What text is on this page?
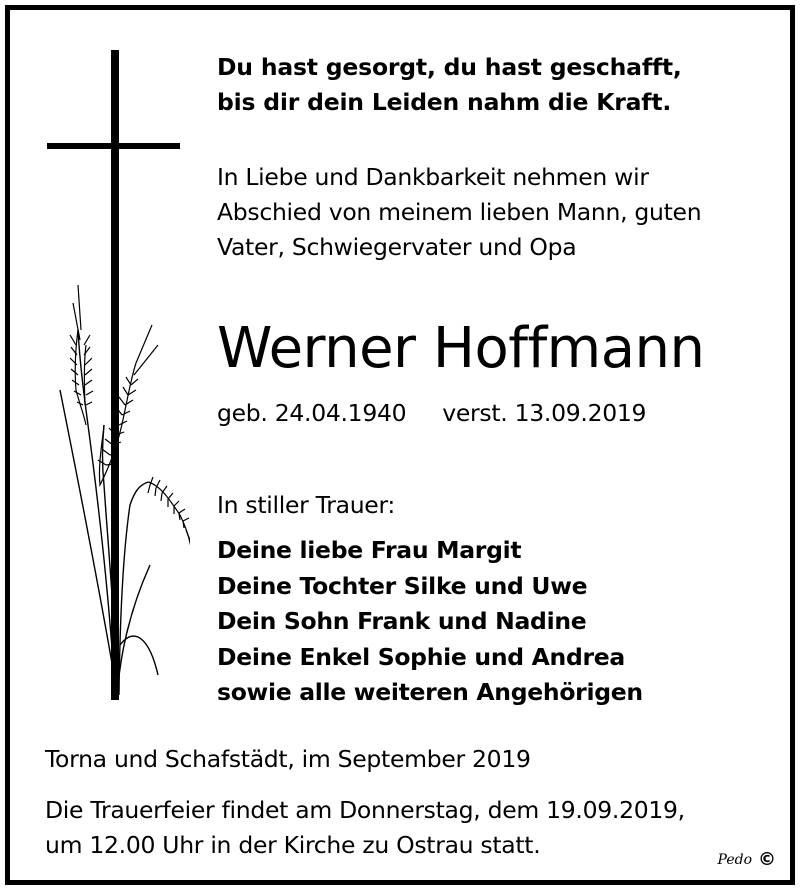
Du hast gesorgt, du hast geschafft,
bis dir dein Leiden nahm die Kraft.
In Liebe und Dankbarkeit nehmen wir
Abschied von meinem lieben Mann, guten
Vater, Schwiegervater und Opa
Werner Hoffmann
geb. 24.04.1940 verst. 13.09.2019
In stiller Trauer:
Deine liebe Frau Margit
Deine Tochter Silke und Uwe
Dein Sohn Frank und Nadine
Deine Enkel Sophie und Andrea
sowie alle weiteren Angehörigen
Torna und Schafstädt, im September 2019
Die Trauerfeier findet am Donnerstag, dem 19.09.2019,
um 12.00 Uhr in der Kirche zu Ostrau statt.
Pedo ©
